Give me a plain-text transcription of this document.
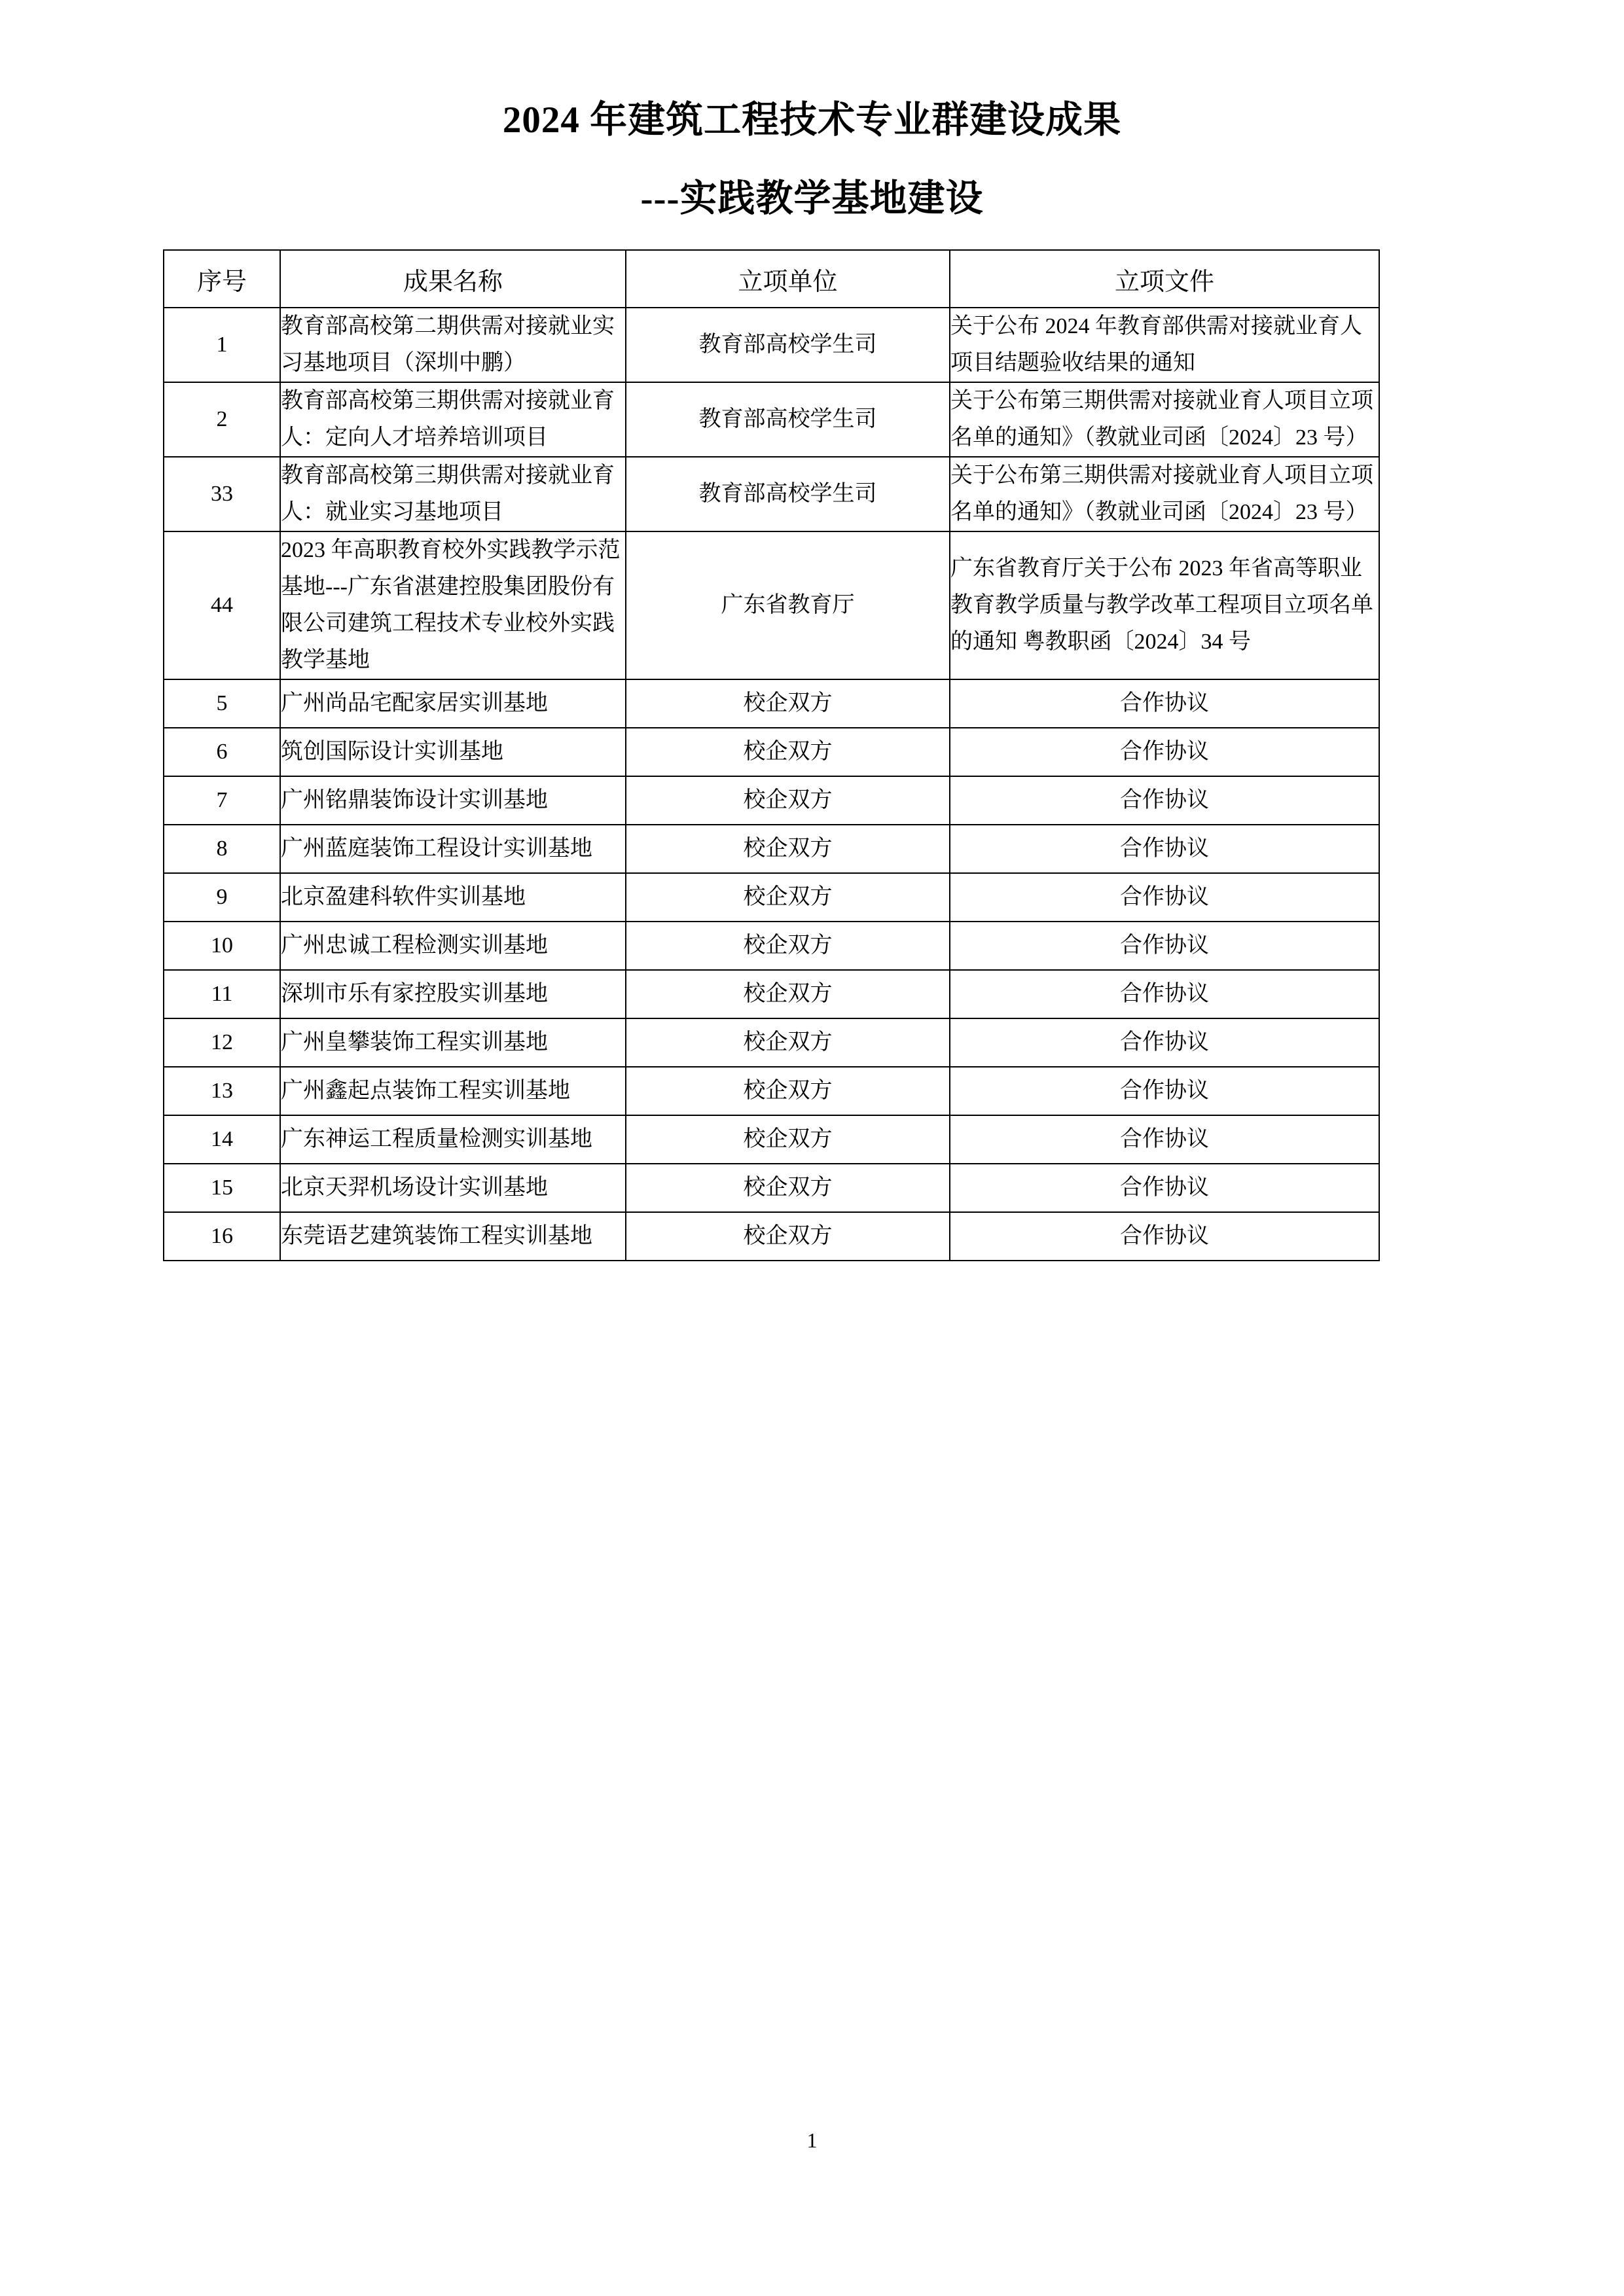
2024 年建筑工程技术专业群建设成果
---实践教学基地建设
序号	成果名称	立项单位	立项文件

1	教育部高校第二期供需对接就业实习基地项目（深圳中鹏）	教育部高校学生司	关于公布 2024 年教育部供需对接就业育人项目结题验收结果的通知

2	教育部高校第三期供需对接就业育人：定向人才培养培训项目	教育部高校学生司	关于公布第三期供需对接就业育人项目立项名单的通知》（教就业司函〔2024〕23 号）

33	教育部高校第三期供需对接就业育人：就业实习基地项目	教育部高校学生司	关于公布第三期供需对接就业育人项目立项名单的通知》（教就业司函〔2024〕23 号）

44	2023 年高职教育校外实践教学示范基地---广东省湛建控股集团股份有限公司建筑工程技术专业校外实践教学基地	广东省教育厅	广东省教育厅关于公布 2023 年省高等职业
教育教学质量与教学改革工程项目立项名单的通知 粤教职函〔2024〕34 号

5	广州尚品宅配家居实训基地	校企双方	合作协议

6	筑创国际设计实训基地	校企双方	合作协议

7	广州铭鼎装饰设计实训基地	校企双方	合作协议

8	广州蓝庭装饰工程设计实训基地	校企双方	合作协议

9	北京盈建科软件实训基地	校企双方	合作协议

10	广州忠诚工程检测实训基地	校企双方	合作协议

11	深圳市乐有家控股实训基地	校企双方	合作协议

12	广州皇攀装饰工程实训基地	校企双方	合作协议

13	广州鑫起点装饰工程实训基地	校企双方	合作协议

14	广东神运工程质量检测实训基地	校企双方	合作协议

15	北京天羿机场设计实训基地	校企双方	合作协议

16	东莞语艺建筑装饰工程实训基地	校企双方	合作协议
1
